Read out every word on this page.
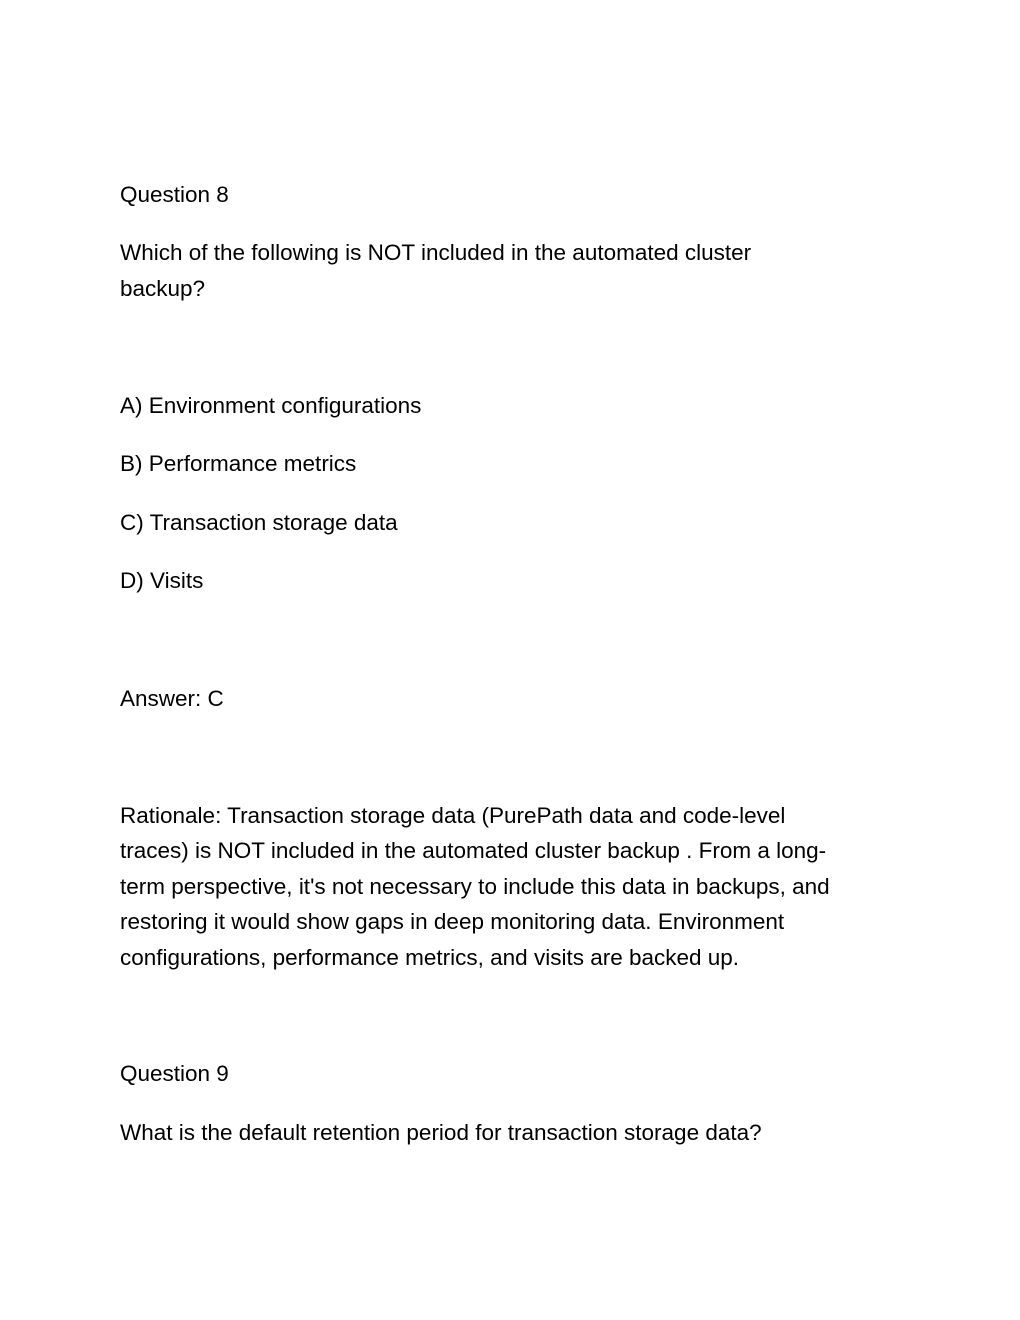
Question 8

Which of the following is NOT included in the automated cluster

backup?

A) Environment configurations

B) Performance metrics

C) Transaction storage data

D) Visits

Answer: C

Rationale: Transaction storage data (PurePath data and code-level
traces) is NOT included in the automated cluster backup . From a long-
term perspective, it's not necessary to include this data in backups, and
restoring it would show gaps in deep monitoring data. Environment
configurations, performance metrics, and visits are backed up.

Question 9

What is the default retention period for transaction storage data?
